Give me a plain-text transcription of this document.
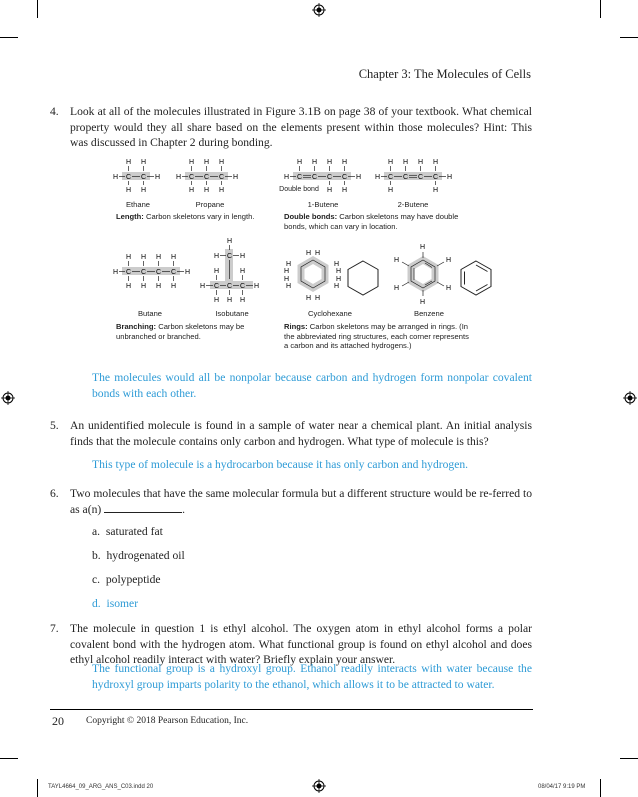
Chapter 3: The Molecules of Cells
4. Look at all of the molecules illustrated in Figure 3.1B on page 38 of your textbook. What chemical property would they all share based on the elements present within those molecules? Hint: This was discussed in Chapter 2 during bonding.
H H
H C C H
H H
H H H
H C C C H
H H H
Ethane	Propane
H H H H
H C C C C H
H H
Double bond
H H H H
H C C C C H
H	H
1-Butene	2-Butene
Length: Carbon skeletons vary in length.	Double bonds: Carbon skeletons may have double bonds, which can vary in location.
H H H H
H C C C C H
H H H H
H
H C H
H	H
H C C C H
H H H
Butane	Isobutane
H H
H
H
H
H
H
H
H
H
H H
H
H
H	H
H	H
Cyclohexane	Benzene
Branching: Carbon skeletons may be unbranched or branched.
Rings: Carbon skeletons may be arranged in rings. (In the abbreviated ring structures, each corner represents a carbon and its attached hydrogens.)
The molecules would all be nonpolar because carbon and hydrogen form nonpolar covalent bonds with each other.
5. An unidentified molecule is found in a sample of water near a chemical plant. An initial analysis finds that the molecule contains only carbon and hydrogen. What type of molecule is this?
This type of molecule is a hydrocarbon because it has only carbon and hydrogen.
6. Two molecules that have the same molecular formula but a different structure would be re-ferred to as a(n)	.
a. saturated fat
b. hydrogenated oil
c. polypeptide
d. isomer
7. The molecule in question 1 is ethyl alcohol. The oxygen atom in ethyl alcohol forms a polar covalent bond with the hydrogen atom. What functional group is found on ethyl alcohol and does ethyl alcohol readily interact with water? Briefly explain your answer.
The functional group is a hydroxyl group. Ethanol readily interacts with water because the hydroxyl group imparts polarity to the ethanol, which allows it to be attracted to water.
20 Copyright © 2018 Pearson Education, Inc.
TAYL4664_09_ARG_ANS_C03.indd 20	08/04/17 9:19 PM
